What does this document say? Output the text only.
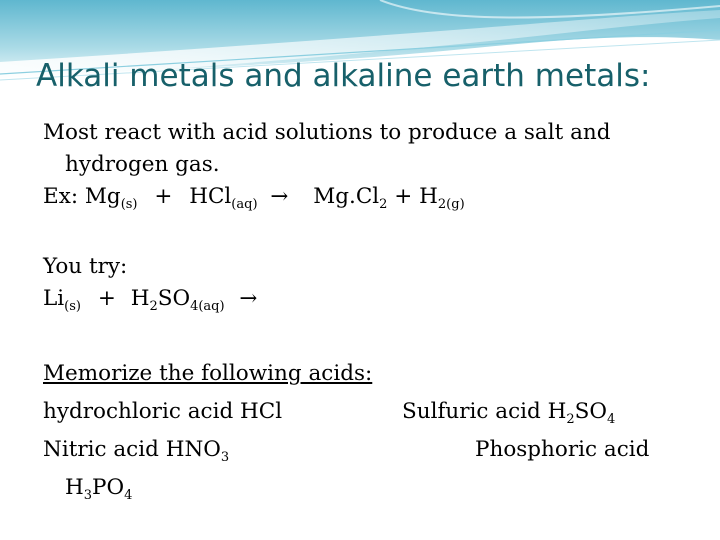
Alkali metals and alkaline earth metals:
Most react with acid solutions to produce a salt and
hydrogen gas.
Ex: $Mg_{(s)} + HCl_{(aq)} \to Mg.Cl_2 + H_{2(g)}$
You try:
$Li_{(s)} + H_2SO_{4(aq)}$ →
Memorize the following acids:
hydrochloric acid HCl	Sulfuric acid $H_2SO_4$
Nitric acid $HNO_3$	Phosphoric acid
$H_3PO_4$
